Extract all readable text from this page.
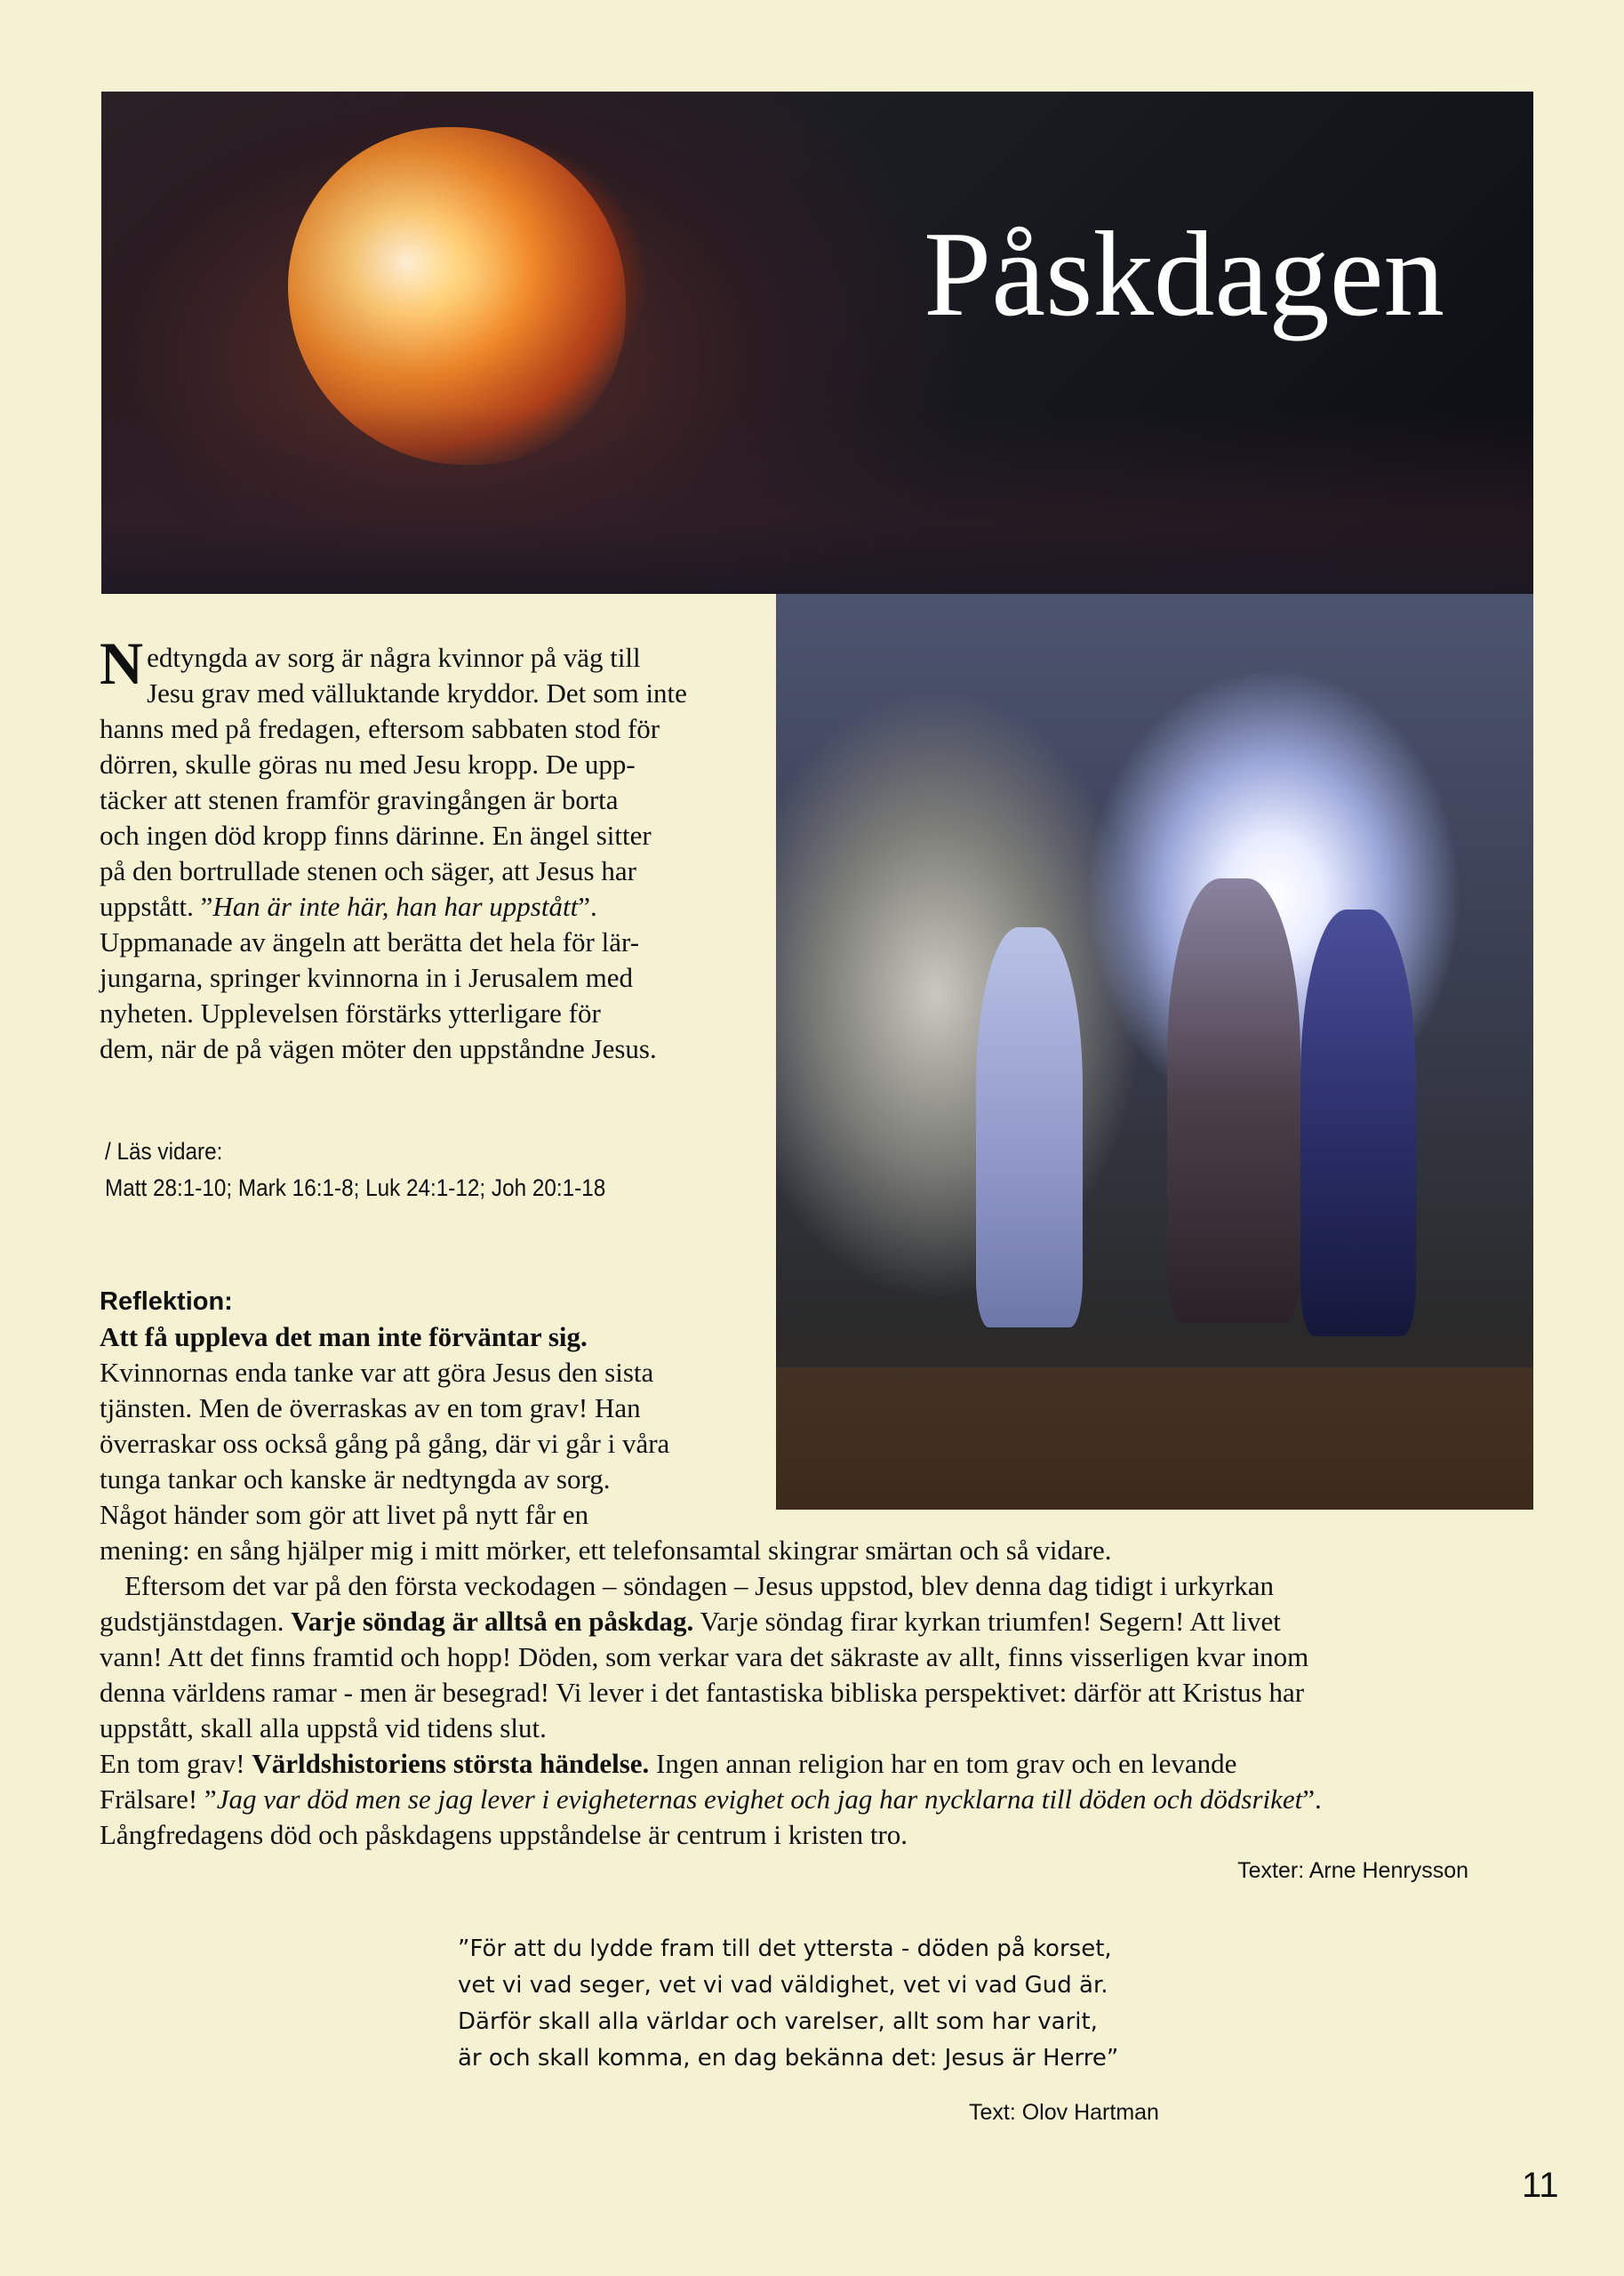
Påskdagen
Nedtyngda av sorg är några kvinnor på väg till
Jesu grav med välluktande kryddor. Det som inte
hanns med på fredagen, eftersom sabbaten stod för
dörren, skulle göras nu med Jesu kropp. De upp-
täcker att stenen framför gravingången är borta
och ingen död kropp finns därinne. En ängel sitter
på den bortrullade stenen och säger, att Jesus har
uppstått. ”Han är inte här, han har uppstått”.
Uppmanade av ängeln att berätta det hela för lär-
jungarna, springer kvinnorna in i Jerusalem med
nyheten. Upplevelsen förstärks ytterligare för
dem, när de på vägen möter den uppståndne Jesus.
/ Läs vidare:
Matt 28:1-10; Mark 16:1-8; Luk 24:1-12; Joh 20:1-18
Reflektion:

Att få uppleva det man inte förväntar sig.

Kvinnornas enda tanke var att göra Jesus den sista

tjänsten. Men de överraskas av en tom grav! Han

överraskar oss också gång på gång, där vi går i våra

tunga tankar och kanske är nedtyngda av sorg.

Något händer som gör att livet på nytt får en

mening: en sång hjälper mig i mitt mörker, ett telefonsamtal skingrar smärtan och så vidare.

Eftersom det var på den första veckodagen – söndagen – Jesus uppstod, blev denna dag tidigt i urkyrkan

gudstjänstdagen. Varje söndag är alltså en påskdag. Varje söndag firar kyrkan triumfen! Segern! Att livet

vann! Att det finns framtid och hopp! Döden, som verkar vara det säkraste av allt, finns visserligen kvar inom

denna världens ramar - men är besegrad! Vi lever i det fantastiska bibliska perspektivet: därför att Kristus har

uppstått, skall alla uppstå vid tidens slut.

En tom grav! Världshistoriens största händelse. Ingen annan religion har en tom grav och en levande

Frälsare! ”Jag var död men se jag lever i evigheternas evighet och jag har nycklarna till döden och dödsriket”.

Långfredagens död och påskdagens uppståndelse är centrum i kristen tro.

Texter: Arne Henrysson
”För att du lydde fram till det yttersta - döden på korset,
vet vi vad seger, vet vi vad väldighet, vet vi vad Gud är.
Därför skall alla världar och varelser, allt som har varit,
är och skall komma, en dag bekänna det: Jesus är Herre”
Text: Olov Hartman
11
